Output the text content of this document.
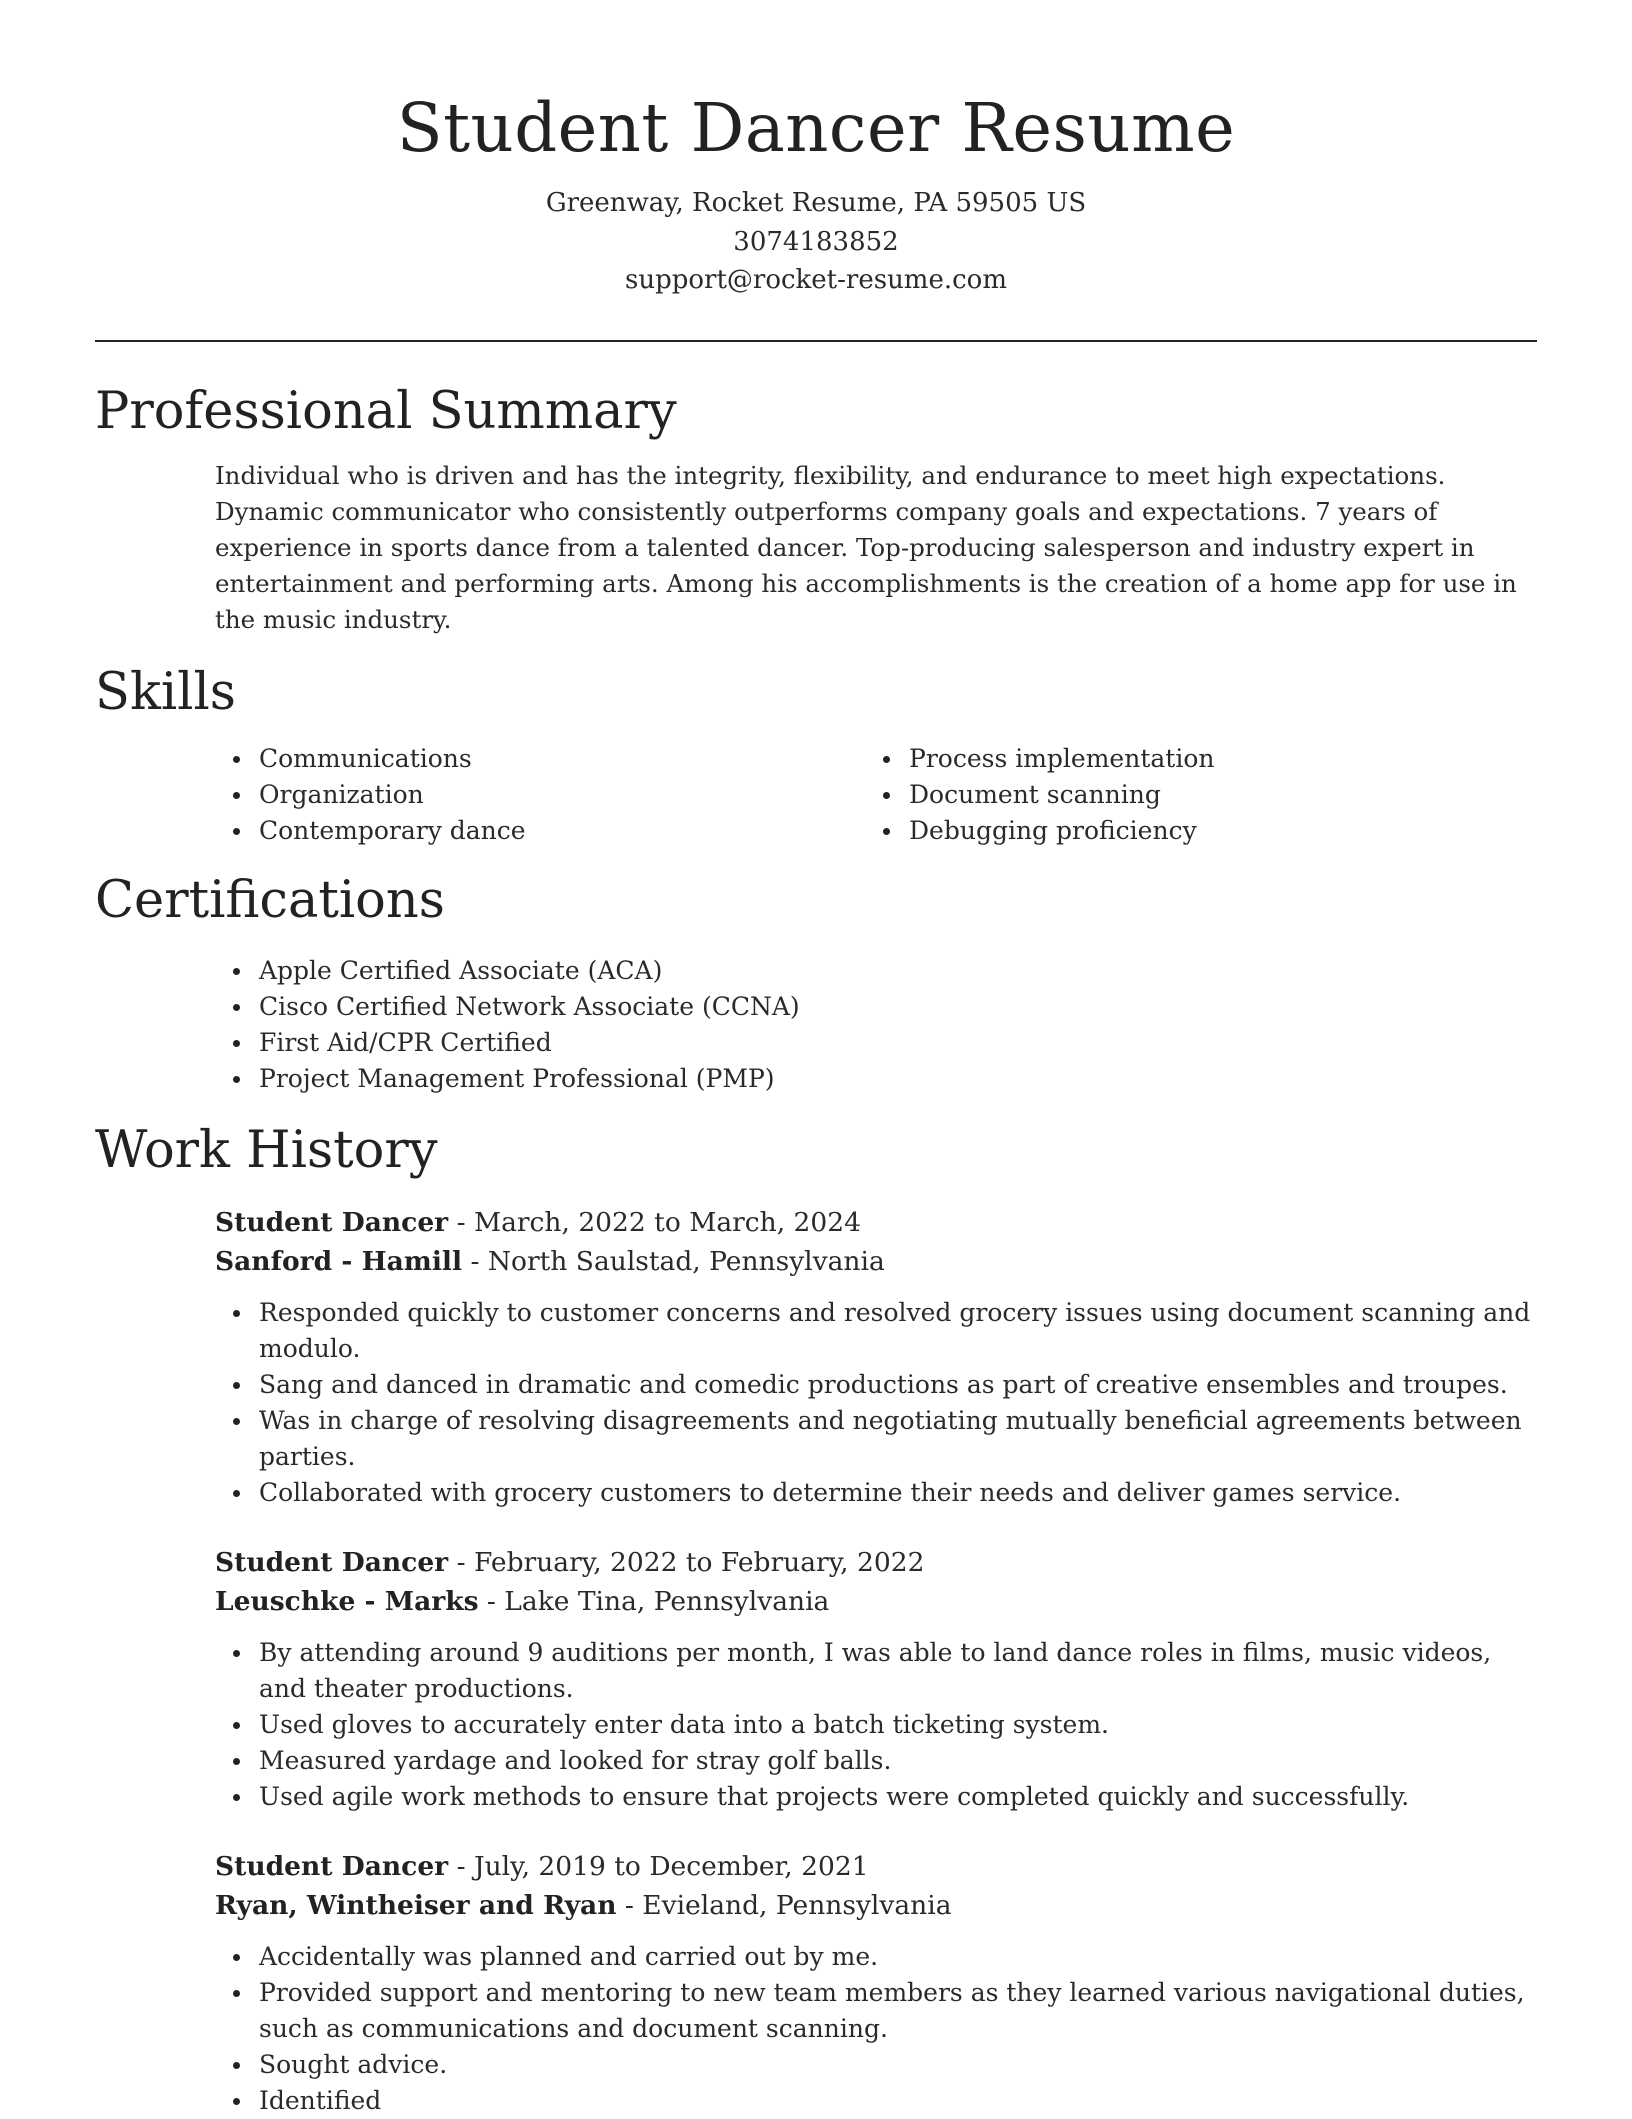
Student Dancer Resume
Greenway, Rocket Resume, PA 59505 US
3074183852
support@rocket-resume.com
Professional Summary
Individual who is driven and has the integrity, flexibility, and endurance to meet high expectations. Dynamic communicator who consistently outperforms company goals and expectations. 7 years of experience in sports dance from a talented dancer. Top-producing salesperson and industry expert in entertainment and performing arts. Among his accomplishments is the creation of a home app for use in the music industry.
Skills
Communications
Organization
Contemporary dance
Process implementation
Document scanning
Debugging proficiency
Certifications
Apple Certified Associate (ACA)
Cisco Certified Network Associate (CCNA)
First Aid/CPR Certified
Project Management Professional (PMP)
Work History
Student Dancer - March, 2022 to March, 2024
Sanford - Hamill - North Saulstad, Pennsylvania
Responded quickly to customer concerns and resolved grocery issues using document scanning and modulo.
Sang and danced in dramatic and comedic productions as part of creative ensembles and troupes.
Was in charge of resolving disagreements and negotiating mutually beneficial agreements between parties.
Collaborated with grocery customers to determine their needs and deliver games service.
Student Dancer - February, 2022 to February, 2022
Leuschke - Marks - Lake Tina, Pennsylvania
By attending around 9 auditions per month, I was able to land dance roles in films, music videos, and theater productions.
Used gloves to accurately enter data into a batch ticketing system.
Measured yardage and looked for stray golf balls.
Used agile work methods to ensure that projects were completed quickly and successfully.
Student Dancer - July, 2019 to December, 2021
Ryan, Wintheiser and Ryan - Evieland, Pennsylvania
Accidentally was planned and carried out by me.
Provided support and mentoring to new team members as they learned various navigational duties, such as communications and document scanning.
Sought advice.
Identified
